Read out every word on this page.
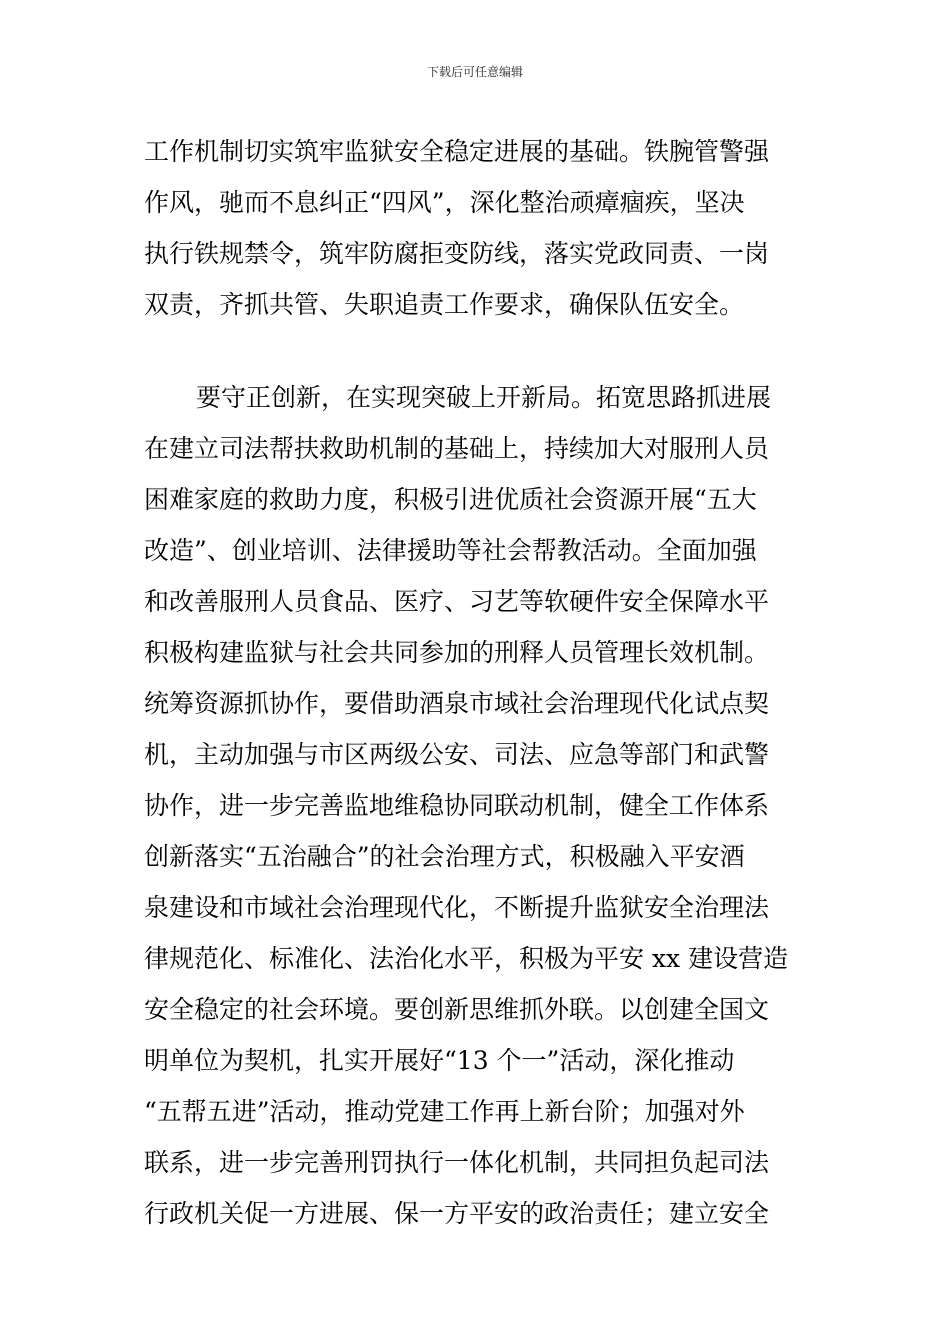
下载后可任意编辑
工作机制切实筑牢监狱安全稳定进展的基础。铁腕管警强
作风，驰而不息纠正“四风”，深化整治顽瘴痼疾，坚决
执行铁规禁令，筑牢防腐拒变防线，落实党政同责、一岗
双责，齐抓共管、失职追责工作要求，确保队伍安全。
要守正创新，在实现突破上开新局。拓宽思路抓进展
在建立司法帮扶救助机制的基础上，持续加大对服刑人员
困难家庭的救助力度，积极引进优质社会资源开展“五大
改造”、创业培训、法律援助等社会帮教活动。全面加强
和改善服刑人员食品、医疗、习艺等软硬件安全保障水平
积极构建监狱与社会共同参加的刑释人员管理长效机制。
统筹资源抓协作，要借助酒泉市域社会治理现代化试点契
机，主动加强与市区两级公安、司法、应急等部门和武警
协作，进一步完善监地维稳协同联动机制，健全工作体系
创新落实“五治融合”的社会治理方式，积极融入平安酒
泉建设和市域社会治理现代化，不断提升监狱安全治理法
律规范化、标准化、法治化水平，积极为平安 xx 建设营造
安全稳定的社会环境。要创新思维抓外联。以创建全国文
明单位为契机，扎实开展好“13 个一”活动，深化推动
“五帮五进”活动，推动党建工作再上新台阶；加强对外
联系，进一步完善刑罚执行一体化机制，共同担负起司法
行政机关促一方进展、保一方平安的政治责任；建立安全
